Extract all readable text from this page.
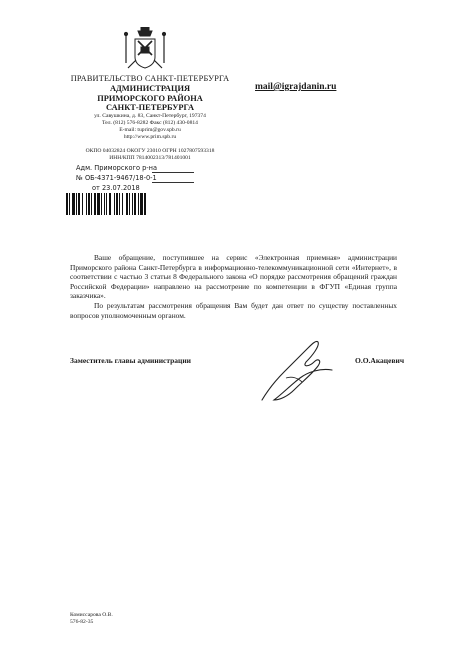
ПРАВИТЕЛЬСТВО САНКТ-ПЕТЕРБУРГА
АДМИНИСТРАЦИЯ
ПРИМОРСКОГО РАЙОНА
САНКТ-ПЕТЕРБУРГА
ул. Савушкина, д. 83, Санкт-Петербург, 197374
Тел. (812) 576-8282 Факс (812) 430-0814
E-mail: tuprim@gov.spb.ru
http://www.prim.spb.ru
ОКПО 04032824 ОКОГУ 23010 ОГРН 1027807593318
ИНН/КПП 7814002313/781401001
mail@igrajdanin.ru
Адм. Приморского р-на
№ ОБ-4371-9467/18-0-1
от 23.07.2018

Ваше обращение, поступившее на сервис «Электронная приемная» администрации Приморского района Санкт-Петербурга в информационно-телекоммуникационной сети «Интернет», в соответствии с частью 3 статьи 8 Федерального закона «О порядке рассмотрения обращений граждан Российской Федерации» направлено на рассмотрение по компетенции в ФГУП «Единая группа заказчика».

По результатам рассмотрения обращения Вам будет дан ответ по существу поставленных вопросов уполномоченным органом.

Заместитель главы администрации	О.О.Акацевич
Комиссарова О.В.
576-82-35
